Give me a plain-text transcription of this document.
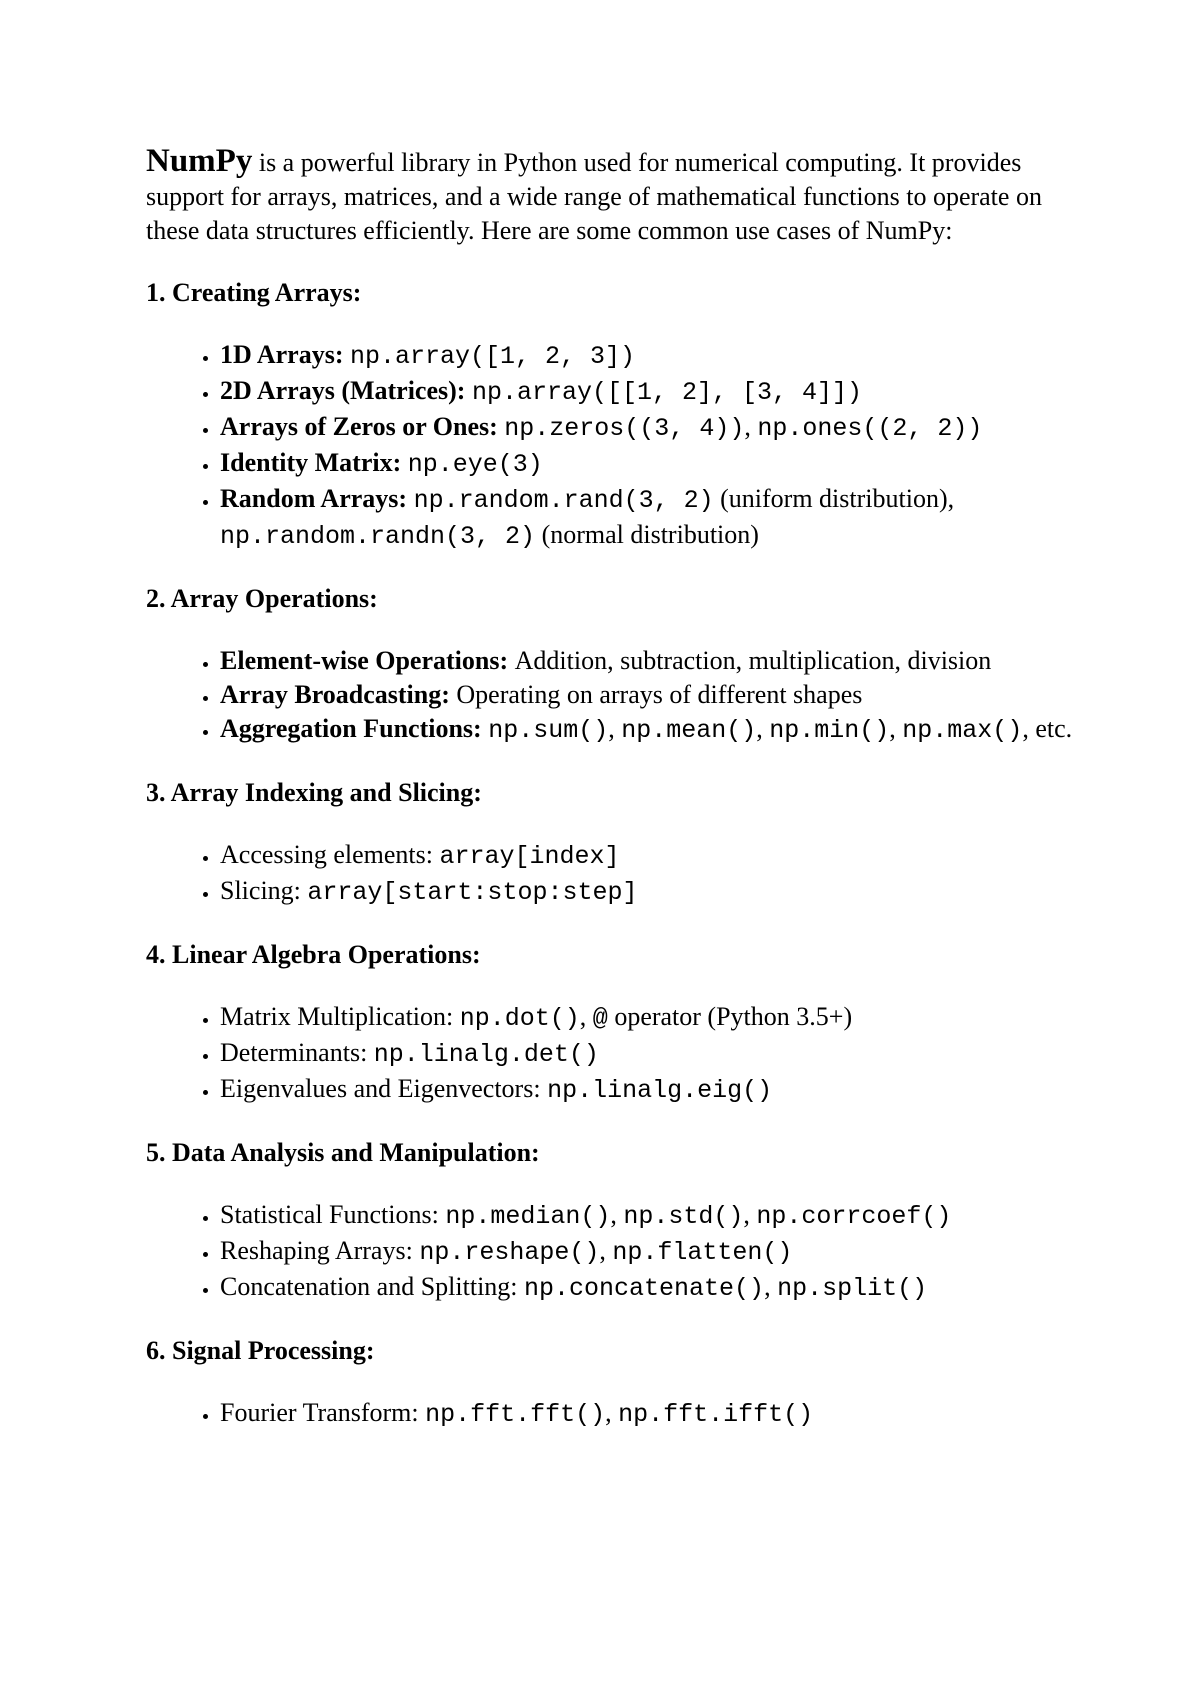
NumPy is a powerful library in Python used for numerical computing. It provides support for arrays, matrices, and a wide range of mathematical functions to operate on these data structures efficiently. Here are some common use cases of NumPy:

1. Creating Arrays:
• 1D Arrays: np.array([1, 2, 3])
• 2D Arrays (Matrices): np.array([[1, 2], [3, 4]])
• Arrays of Zeros or Ones: np.zeros((3, 4)), np.ones((2, 2))
• Identity Matrix: np.eye(3)
• Random Arrays: np.random.rand(3, 2) (uniform distribution), np.random.randn(3, 2) (normal distribution)
2. Array Operations:
• Element-wise Operations: Addition, subtraction, multiplication, division
• Array Broadcasting: Operating on arrays of different shapes
• Aggregation Functions: np.sum(), np.mean(), np.min(), np.max(), etc.
3. Array Indexing and Slicing:
• Accessing elements: array[index]
• Slicing: array[start:stop:step]
4. Linear Algebra Operations:
• Matrix Multiplication: np.dot(), @ operator (Python 3.5+)
• Determinants: np.linalg.det()
• Eigenvalues and Eigenvectors: np.linalg.eig()
5. Data Analysis and Manipulation:
• Statistical Functions: np.median(), np.std(), np.corrcoef()
• Reshaping Arrays: np.reshape(), np.flatten()
• Concatenation and Splitting: np.concatenate(), np.split()
6. Signal Processing:
• Fourier Transform: np.fft.fft(), np.fft.ifft()
